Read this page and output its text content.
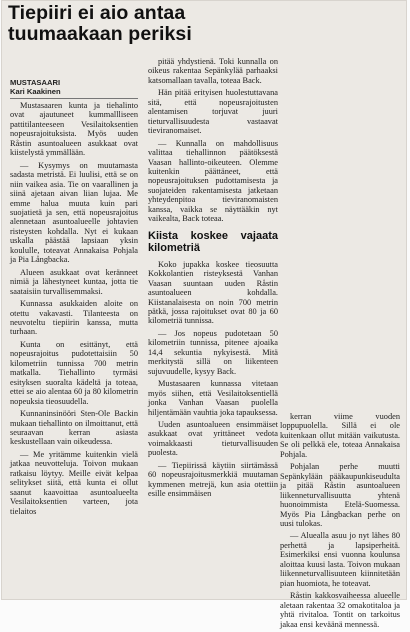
Tiepiiri ei aio antaa tuumaakaan periksi
MUSTASAARI
Kari Kaakinen

Mustasaaren kunta ja tiehalinto ovat ajautuneet kummallliseen pattitilanteeseen Vesilaitoksentien nopeusrajoituksista. Myös uuden Råstin asuntoalueen asukkaat ovat kiistelystä ymmällään.

— Kysymys on muutamasta sadasta metristä. Ei luulisi, että se on niin vaikea asia. Tie on vaarallinen ja siinä ajetaan aivan liian lujaa. Me emme halua muuta kuin pari suojatietä ja sen, että nopeusrajoitus alennetaan asuntoalueelle johtavien risteysten kohdalla. Nyt ei kukaan uskalla päästää lapsiaan yksin koululle, toteavat Annakaisa Pohjala ja Pia Långbacka.

Alueen asukkaat ovat keränneet nimiä ja lähestyneet kuntaa, jotta tie saataisiin turvallisemmaksi.

Kunnassa asukkaiden aloite on otettu vakavasti. Tilanteesta on neuvoteltu tiepiirin kanssa, mutta turhaan.

Kunta on esittänyt, että nopeusrajoitus pudotettaisiin 50 kilometriin tunnissa 700 metrin matkalla. Tiehallinto tyrmäsi esityksen suoralta kädeltä ja toteaa, ettei se aio alentaa 60 ja 80 kilometrin nopeuksia tieosuudella.

Kunnaninsinööri Sten-Ole Backin mukaan tiehallinto on ilmoittanut, että seuraavan kerran asiasta keskustellaan vain oikeudessa.

— Me yritämme kuitenkin vielä jatkaa neuvotteluja. Toivon mukaan ratkaisu löytyy. Meille eivät kelpaa selitykset siitä, että kunta ei ollut saanut kaavoittaa asuntoalueelta Vesilaitoksentien varteen, jota tielaitos

pitää yhdystienä. Toki kunnalla on oikeus rakentaa Sepänkylää parhaaksi katsomallaan tavalla, toteaa Back.

Hän pitää erityisen huolestuttavana sitä, että nopeusrajoitusten alentamisen torjuvat juuri tieturvallisuudesta vastaavat tieviranomaiset.

— Kunnalla on mahdollisuus valittaa tiehallinnon päätöksestä Vaasan hallinto-oikeuteen. Olemme kuitenkin päättäneet, että nopeusrajoituksen pudottamisesta ja suojateiden rakentamisesta jatketaan yhteydenpitoa tieviranomaisten kanssa, vaikka se näyttääkin nyt vaikealta, Back toteaa.

Kiista koskee vajaata kilometriä

Koko jupakka koskee tieosuutta Kokkolantien risteyksestä Vanhan Vaasan suuntaan uuden Råstin asuntoalueen kohdalla. Kiistanalaisesta on noin 700 metrin pätkä, jossa rajoitukset ovat 80 ja 60 kilometriä tunnissa.

— Jos nopeus pudotetaan 50 kilometriin tunnissa, pitenee ajoaika 14,4 sekuntia nykyisestä. Mitä merkitystä sillä on liikenteen sujuvuudelle, kysyy Back.

Mustasaaren kunnassa vitetaan myös siihen, että Vesilaitoksentiellä jonka Vanhan Vaasan puolella hiljentämään vauhtia joka tapauksessa.

Uuden asuntoalueen ensimmäiset asukkaat ovat yrittäneet vedota voimakkaasti tieturvallisuuden puolesta.

— Tiepiirissä käytiin siirtämässä 60 nopeusrajoitusmerkkiä muutaman kymmenen metrejä, kun asia otettiin esille ensimmäisen

kerran viime vuoden loppupuolella. Sillä ei ole kuitenkaan ollut mitään vaikutusta. Se oli pelkkä ele, toteaa Annakaisa Pohjala.

Pohjalan perhe muutti Sepänkylään pääkaupunkiseudulta ja pitää Råstin asuntoalueen liikenneturvallisuutta yhtenä huonoimmista Etelä-Suomessa. Myös Pia Långbackan perhe on uusi tulokas.

— Aluealla asuu jo nyt lähes 80 perhettä ja lapsiperheitä. Esimerkiksi ensi vuonna koulunsa aloittaa kuusi lasta. Toivon mukaan liikenneturvallisuuteen kiinnitetään pian huomiota, he toteavat.

Råstin kakkosvaiheessa alueelle aletaan rakentaa 32 omakotitaloa ja yhtä rivitaloa. Tontit on tarkoitus jakaa ensi keväänä mennessä.
